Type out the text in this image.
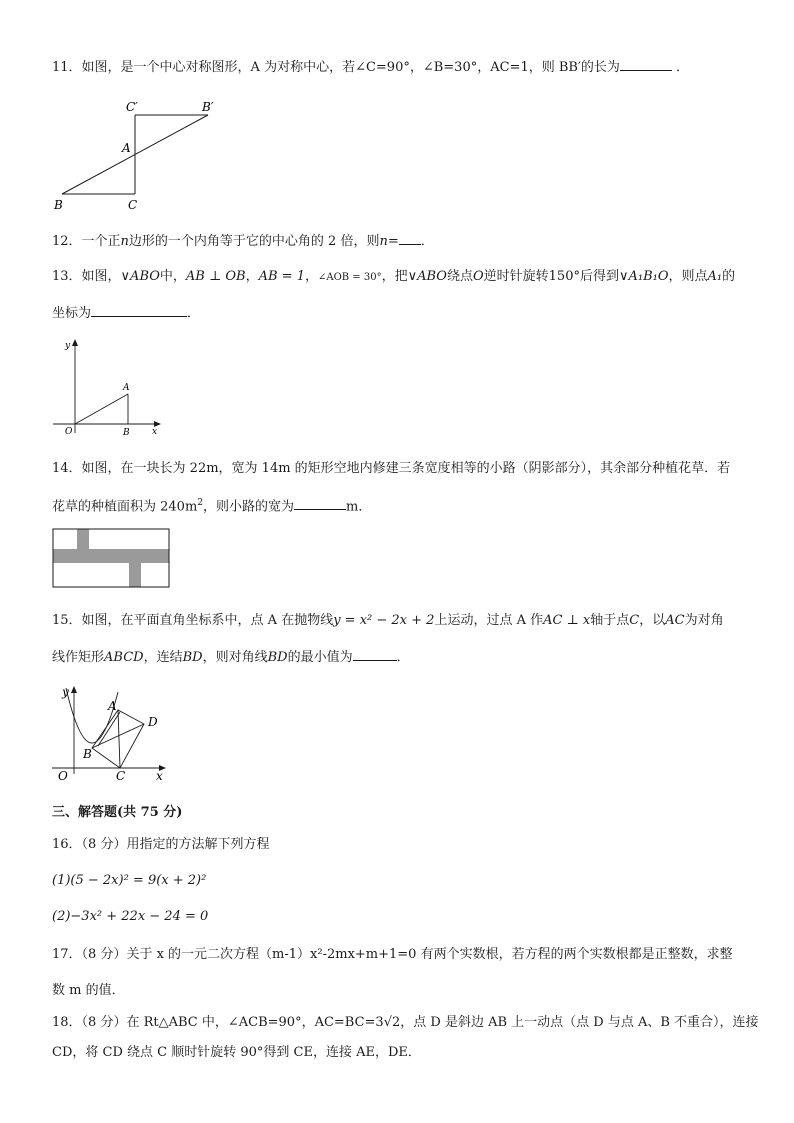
11．如图，是一个中心对称图形，A 为对称中心，若∠C=90°，∠B=30°，AC=1，则 BB′的长为	．
C′	B′
A
B	C
12．一个正n边形的一个内角等于它的中心角的 2 倍，则n= ．
13．如图，∨ABO中，AB ⊥ OB，AB = 1，∠AOB = 30°，把∨ABO绕点O逆时针旋转150°后得到∨A₁B₁O，则点A₁的
坐标为	．
y
A
O	B x
14．如图，在一块长为 22m，宽为 14m 的矩形空地内修建三条宽度相等的小路（阴影部分），其余部分种植花草．若
花草的种植面积为 $240m^2$，则小路的宽为	m．
15．如图，在平面直角坐标系中，点 A 在抛物线y = x² − 2x + 2上运动，过点 A 作AC ⊥ x轴于点C，以AC为对角
线作矩形ABCD，连结BD，则对角线BD的最小值为	．
y
A
D
B
O	C	x
三、解答题(共 75 分)
16．（8 分）用指定的方法解下列方程
(1)(5 − 2x)² = 9(x + 2)²
(2)−3x² + 22x − 24 = 0
17．（8 分）关于 x 的一元二次方程（m-1）x²-2mx+m+1=0 有两个实数根，若方程的两个实数根都是正整数，求整
数 m 的值．
18．（8 分）在 Rt△ABC 中，∠ACB=90°，AC=BC=3√2，点 D 是斜边 AB 上一动点（点 D 与点 A、B 不重合），连接
CD，将 CD 绕点 C 顺时针旋转 90°得到 CE，连接 AE，DE．
